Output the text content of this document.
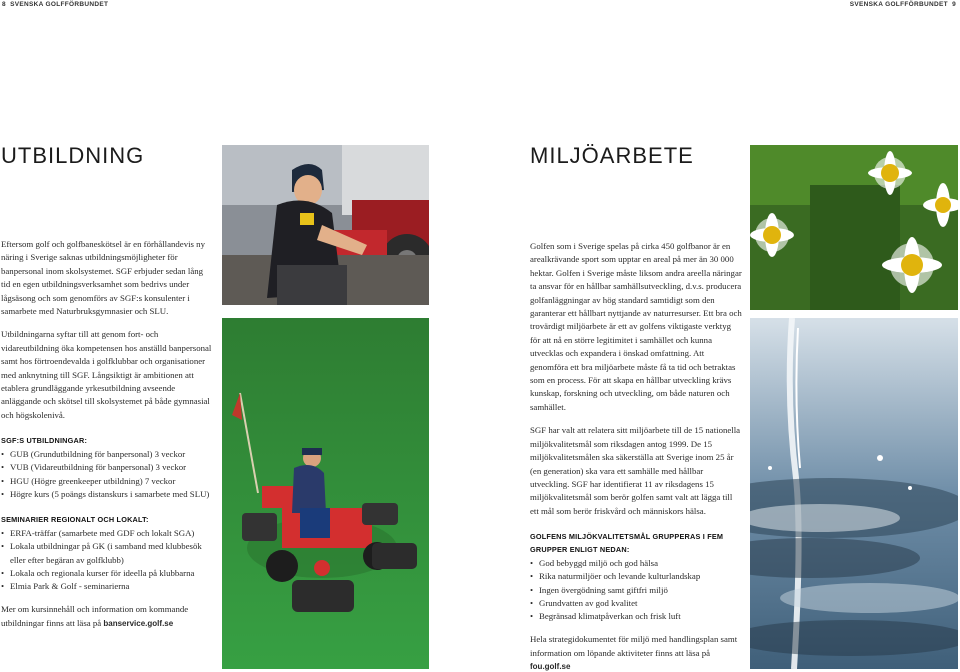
8 SVENSKA GOLFFÖRBUNDET	SVENSKA GOLFFÖRBUNDET 9
UTBILDNING	MILJÖARBETE

Eftersom golf och golfbaneskötsel är en förhållandevis ny näring i Sverige saknas utbildningsmöjligheter för banpersonal inom skolsystemet. SGF erbjuder sedan lång tid en egen utbildningsverksamhet som bedrivs under lågsäsong och som genomförs av SGF:s konsulenter i samarbete med Naturbruksgymnasier och SLU.

Utbildningarna syftar till att genom fort- och vidareutbildning öka kompetensen hos anställd banpersonal samt hos förtroendevalda i golfklubbar och organisationer med anknytning till SGF. Långsiktigt är ambitionen att etablera grundläggande yrkesutbildning avseende anläggande och skötsel till skolsystemet på både gymnasial och högskolenivå.

SGF:S UTBILDNINGAR:
• GUB (Grundutbildning för banpersonal) 3 veckor
• VUB (Vidareutbildning för banpersonal) 3 veckor
• HGU (Högre greenkeeper utbildning) 7 veckor
• Högre kurs (5 poängs distanskurs i samarbete med SLU)
SEMINARIER REGIONALT OCH LOKALT:
• ERFA-träffar (samarbete med GDF och lokalt SGA)
• Lokala utbildningar på GK (i samband med klubbesök eller efter begäran av golfklubb)
• Lokala och regionala kurser för ideella på klubbarna
• Elmia Park & Golf - seminarierna

Mer om kursinnehåll och information om kommande utbildningar finns att läsa på banservice.golf.se

Golfen som i Sverige spelas på cirka 450 golfbanor är en arealkrävande sport som upptar en areal på mer än 30 000 hektar. Golfen i Sverige måste liksom andra areella näringar ta ansvar för en hållbar samhällsutveckling, d.v.s. producera golfanläggningar av hög standard samtidigt som den garanterar ett hållbart nyttjande av naturresurser. Ett bra och trovärdigt miljöarbete är ett av golfens viktigaste verktyg för att nå en större legitimitet i samhället och kunna utvecklas och expandera i önskad omfattning. Att genomföra ett bra miljöarbete måste få ta tid och betraktas som en process. För att skapa en hållbar utveckling krävs kunskap, forskning och utveckling, om både naturen och samhället.

SGF har valt att relatera sitt miljöarbete till de 15 nationella miljökvalitetsmål som riksdagen antog 1999. De 15 miljökvalitetsmålen ska säkerställa att Sverige inom 25 år (en generation) ska vara ett samhälle med hållbar utveckling. SGF har identifierat 11 av riksdagens 15 miljökvalitetsmål som berör golfen samt valt att lägga till ett mål som berör friskvård och människors hälsa.

GOLFENS MILJÖKVALITETSMÅL GRUPPERAS I FEM GRUPPER ENLIGT NEDAN:
• God bebyggd miljö och god hälsa
• Rika naturmiljöer och levande kulturlandskap
• Ingen övergödning samt giftfri miljö
• Grundvatten av god kvalitet
• Begränsad klimatpåverkan och frisk luft

Hela strategidokumentet för miljö med handlingsplan samt information om löpande aktiviteter finns att läsa på fou.golf.se
